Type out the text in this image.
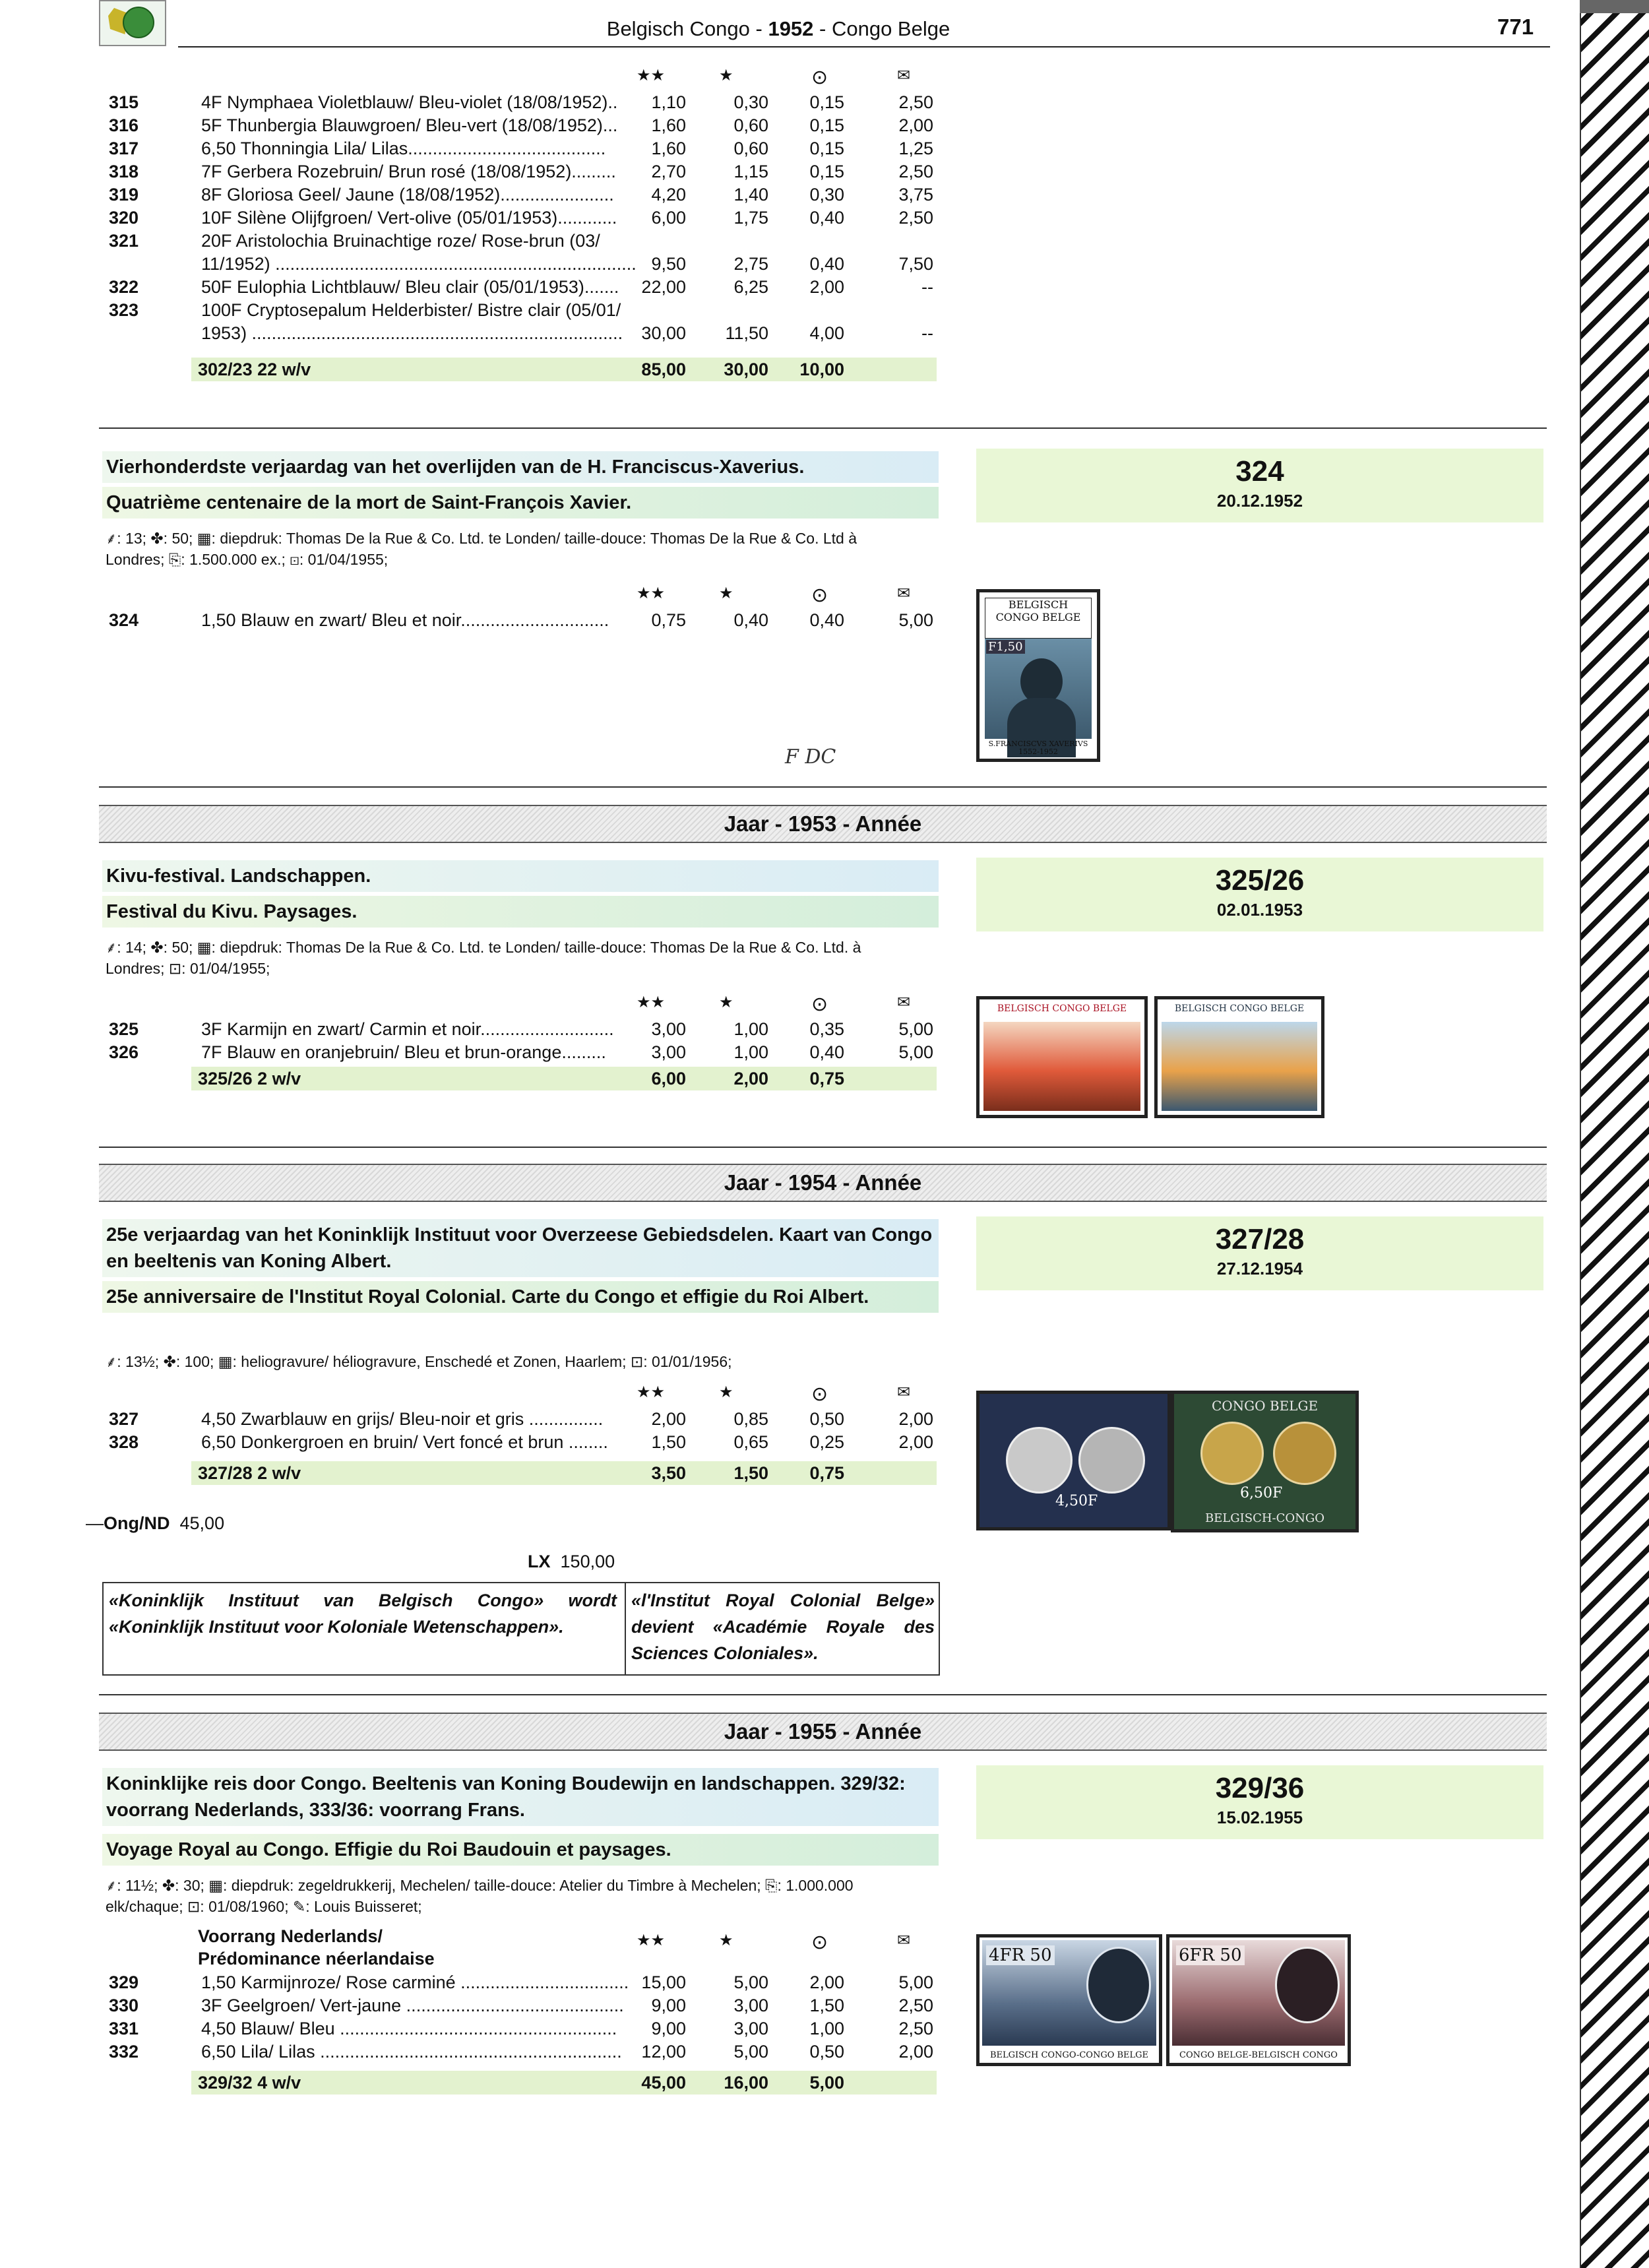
Belgisch Congo - 1952 - Congo Belge	771
★★	★	⊙	✉
315	4F Nymphaea Violetblauw/ Bleu-violet (18/08/1952)..	1,10	0,30	0,15	2,50
316	5F Thunbergia Blauwgroen/ Bleu-vert (18/08/1952)...	1,60	0,60	0,15	2,00
317	6,50 Thonningia Lila/ Lilas........................................	1,60	0,60	0,15	1,25
318	7F Gerbera Rozebruin/ Brun rosé (18/08/1952).........	2,70	1,15	0,15	2,50
319	8F Gloriosa Geel/ Jaune (18/08/1952).......................	4,20	1,40	0,30	3,75
320	10F Silène Olijfgroen/ Vert-olive (05/01/1953)............	6,00	1,75	0,40	2,50
321	20F Aristolochia Bruinachtige roze/ Rose-brun (03/
11/1952) ......................................................................... 9,50	2,75	0,40	7,50
322	50F Eulophia Lichtblauw/ Bleu clair (05/01/1953).......	22,00	6,25	2,00	--
323	100F Cryptosepalum Helderbister/ Bistre clair (05/01/
1953) ...........................................................................	30,00	11,50	4,00	--
302/23 22 w/v	85,00	30,00	10,00
Vierhonderdste verjaardag van het overlijden van de H. Franciscus-Xaverius.
Quatrième centenaire de la mort de Saint-François Xavier.
324
20.12.1952
⸙: 13; ✤: 50; ▦: diepdruk: Thomas De la Rue & Co. Ltd. te Londen/ taille-douce: Thomas De la Rue & Co. Ltd à
Londres; ⎘: 1.500.000 ex.; ⊡: 01/04/1955;
★★	★	⊙	✉
324	1,50 Blauw en zwart/ Bleu et noir..............................	0,75	0,40	0,40	5,00
BELGISCH CONGO BELGE
F1,50
S.FRANCISCVS XAVERIVS 1552-1952
F DC
Jaar - 1953 - Année
Kivu-festival. Landschappen.
Festival du Kivu. Paysages.
325/26
02.01.1953
⸙: 14; ✤: 50; ▦: diepdruk: Thomas De la Rue & Co. Ltd. te Londen/ taille-douce: Thomas De la Rue & Co. Ltd. à
Londres; ⊡: 01/04/1955;
★★	★	⊙	✉
325	3F Karmijn en zwart/ Carmin et noir...........................	3,00	1,00	0,35	5,00
326	7F Blauw en oranjebruin/ Bleu et brun-orange.........	3,00	1,00	0,40	5,00
325/26 2 w/v	6,00	2,00	0,75
BELGISCH CONGO BELGE	BELGISCH CONGO BELGE
Jaar - 1954 - Année
25e verjaardag van het Koninklijk Instituut voor Overzeese Gebiedsdelen. Kaart van Congo en beeltenis van Koning Albert.
25e anniversaire de l'Institut Royal Colonial. Carte du Congo et effigie du Roi Albert.
327/28
27.12.1954
⸙: 13½; ✤: 100; ▦: heliogravure/ héliogravure, Enschedé et Zonen, Haarlem; ⊡: 01/01/1956;
★★	★	⊙	✉
327	4,50 Zwarblauw en grijs/ Bleu-noir et gris ...............	2,00	0,85	0,50	2,00
328	6,50 Donkergroen en bruin/ Vert foncé et brun ........	1,50	0,65	0,25	2,00
327/28 2 w/v	3,50	1,50	0,75
—Ong/ND 45,00
LX 150,00
«Koninklijk Instituut van Belgisch Congo» wordt «Koninklijk Instituut voor Koloniale Wetenschappen».
«l'Institut Royal Colonial Belge» devient «Académie Royale des Sciences Coloniales».
4,50F
CONGO BELGE
6,50F
BELGISCH-CONGO
Jaar - 1955 - Année
Koninklijke reis door Congo. Beeltenis van Koning Boudewijn en landschappen. 329/32: voorrang Nederlands, 333/36: voorrang Frans.
Voyage Royal au Congo. Effigie du Roi Baudouin et paysages.
329/36
15.02.1955
⸙: 11½; ✤: 30; ▦: diepdruk: zegeldrukkerij, Mechelen/ taille-douce: Atelier du Timbre à Mechelen; ⎘: 1.000.000
elk/chaque; ⊡: 01/08/1960; ✎: Louis Buisseret;
Voorrang Nederlands/
Prédominance néerlandaise
★★	★	⊙	✉
329	1,50 Karmijnroze/ Rose carminé .................................. 15,00	5,00	2,00	5,00
330	3F Geelgroen/ Vert-jaune ............................................	9,00	3,00	1,50	2,50
331	4,50 Blauw/ Bleu ........................................................	9,00	3,00	1,00	2,50
332	6,50 Lila/ Lilas .............................................................	12,00	5,00	0,50	2,00
329/32 4 w/v	45,00	16,00	5,00
4FR 50
BELGISCH CONGO-CONGO BELGE
6FR 50
CONGO BELGE-BELGISCH CONGO
